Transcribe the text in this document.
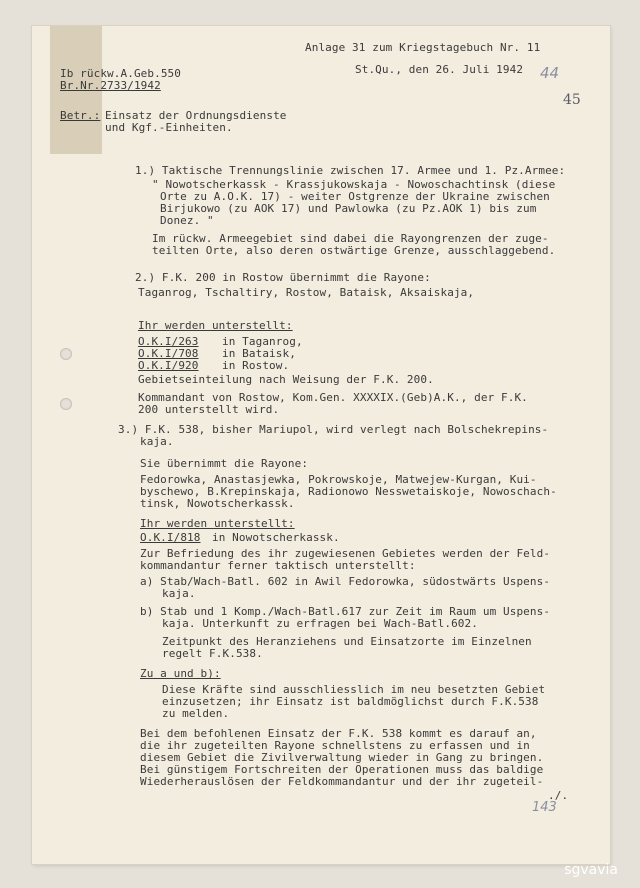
Anlage 31 zum Kriegstagebuch Nr. 11
St.Qu., den 26. Juli 1942 44
45
Ib rückw.A.Geb.550
Br.Nr.2733/1942
Betr.: Einsatz der Ordnungsdienste
und Kgf.-Einheiten.
1.) Taktische Trennungslinie zwischen 17. Armee und 1. Pz.Armee:
" Nowotscherkassk - Krassjukowskaja - Nowoschachtinsk (diese
Orte zu A.O.K. 17) - weiter Ostgrenze der Ukraine zwischen
Birjukowo (zu AOK 17) und Pawlowka (zu Pz.AOK 1) bis zum
Donez. "
Im rückw. Armeegebiet sind dabei die Rayongrenzen der zuge-
teilten Orte, also deren ostwärtige Grenze, ausschlaggebend.
2.) F.K. 200 in Rostow übernimmt die Rayone:
Taganrog, Tschaltiry, Rostow, Bataisk, Aksaiskaja,
Ihr werden unterstellt:
O.K.I/263 in Taganrog,
O.K.I/708 in Bataisk,
O.K.I/920 in Rostow.
Gebietseinteilung nach Weisung der F.K. 200.
Kommandant von Rostow, Kom.Gen. XXXXIX.(Geb)A.K., der F.K.
200 unterstellt wird.
3.) F.K. 538, bisher Mariupol, wird verlegt nach Bolschekrepins-
kaja.
Sie übernimmt die Rayone:
Fedorowka, Anastasjewka, Pokrowskoje, Matwejew-Kurgan, Kui-
byschewo, B.Krepinskaja, Radionowo Nesswetaiskoje, Nowoschach-
tinsk, Nowotscherkassk.
Ihr werden unterstellt:
O.K.I/818 in Nowotscherkassk.
Zur Befriedung des ihr zugewiesenen Gebietes werden der Feld-
kommandantur ferner taktisch unterstellt:
a) Stab/Wach-Batl. 602 in Awil Fedorowka, südostwärts Uspens-
kaja.
b) Stab und 1 Komp./Wach-Batl.617 zur Zeit im Raum um Uspens-
kaja. Unterkunft zu erfragen bei Wach-Batl.602.
Zeitpunkt des Heranziehens und Einsatzorte im Einzelnen
regelt F.K.538.
Zu a und b):
Diese Kräfte sind ausschliesslich im neu besetzten Gebiet
einzusetzen; ihr Einsatz ist baldmöglichst durch F.K.538
zu melden.
Bei dem befohlenen Einsatz der F.K. 538 kommt es darauf an,
die ihr zugeteilten Rayone schnellstens zu erfassen und in
diesem Gebiet die Zivilverwaltung wieder in Gang zu bringen.
Bei günstigem Fortschreiten der Operationen muss das baldige
Wiederherauslösen der Feldkommandantur und der ihr zugeteil-
./.
143
sgvavia
